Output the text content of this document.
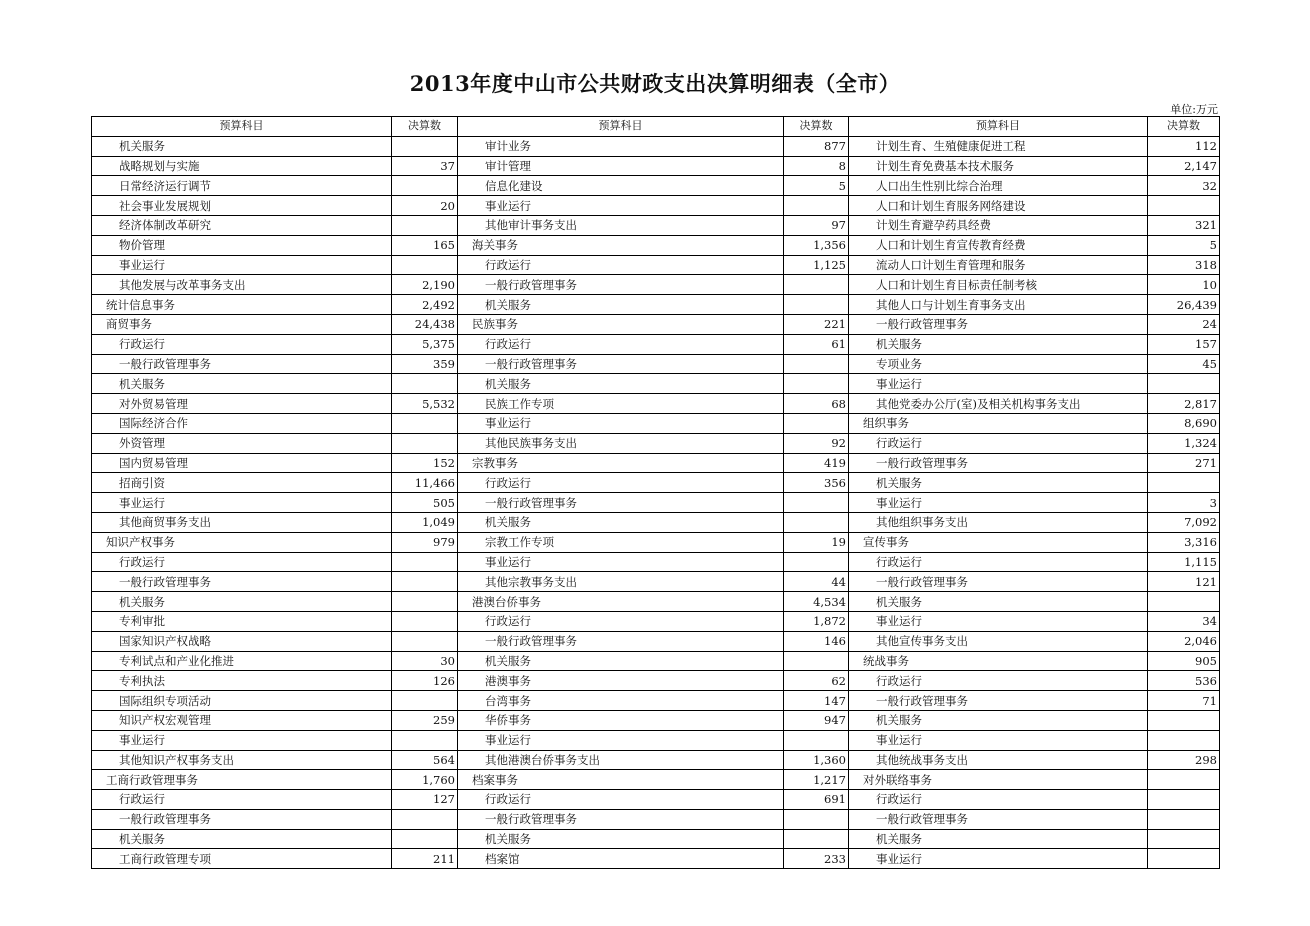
2013年度中山市公共财政支出决算明细表（全市）
单位:万元
预算科目	决算数	预算科目	决算数	预算科目	决算数
机关服务		审计业务	877	计划生育、生殖健康促进工程	112
战略规划与实施	37	审计管理	8	计划生育免费基本技术服务	2,147
日常经济运行调节		信息化建设	5	人口出生性别比综合治理	32
社会事业发展规划	20	事业运行		人口和计划生育服务网络建设	
经济体制改革研究		其他审计事务支出	97	计划生育避孕药具经费	321
物价管理	165	海关事务	1,356	人口和计划生育宣传教育经费	5
事业运行		行政运行	1,125	流动人口计划生育管理和服务	318
其他发展与改革事务支出	2,190	一般行政管理事务		人口和计划生育目标责任制考核	10
统计信息事务	2,492	机关服务		其他人口与计划生育事务支出	26,439
商贸事务	24,438	民族事务	221	一般行政管理事务	24
行政运行	5,375	行政运行	61	机关服务	157
一般行政管理事务	359	一般行政管理事务		专项业务	45
机关服务		机关服务		事业运行	
对外贸易管理	5,532	民族工作专项	68	其他党委办公厅(室)及相关机构事务支出	2,817
国际经济合作		事业运行		组织事务	8,690
外资管理		其他民族事务支出	92	行政运行	1,324
国内贸易管理	152	宗教事务	419	一般行政管理事务	271
招商引资	11,466	行政运行	356	机关服务	
事业运行	505	一般行政管理事务		事业运行	3
其他商贸事务支出	1,049	机关服务		其他组织事务支出	7,092
知识产权事务	979	宗教工作专项	19	宣传事务	3,316
行政运行		事业运行		行政运行	1,115
一般行政管理事务		其他宗教事务支出	44	一般行政管理事务	121
机关服务		港澳台侨事务	4,534	机关服务	
专利审批		行政运行	1,872	事业运行	34
国家知识产权战略		一般行政管理事务	146	其他宣传事务支出	2,046
专利试点和产业化推进	30	机关服务		统战事务	905
专利执法	126	港澳事务	62	行政运行	536
国际组织专项活动		台湾事务	147	一般行政管理事务	71
知识产权宏观管理	259	华侨事务	947	机关服务	
事业运行		事业运行		事业运行	
其他知识产权事务支出	564	其他港澳台侨事务支出	1,360	其他统战事务支出	298
工商行政管理事务	1,760	档案事务	1,217	对外联络事务	
行政运行	127	行政运行	691	行政运行	
一般行政管理事务		一般行政管理事务		一般行政管理事务	
机关服务		机关服务		机关服务	
工商行政管理专项	211	档案馆	233	事业运行	
